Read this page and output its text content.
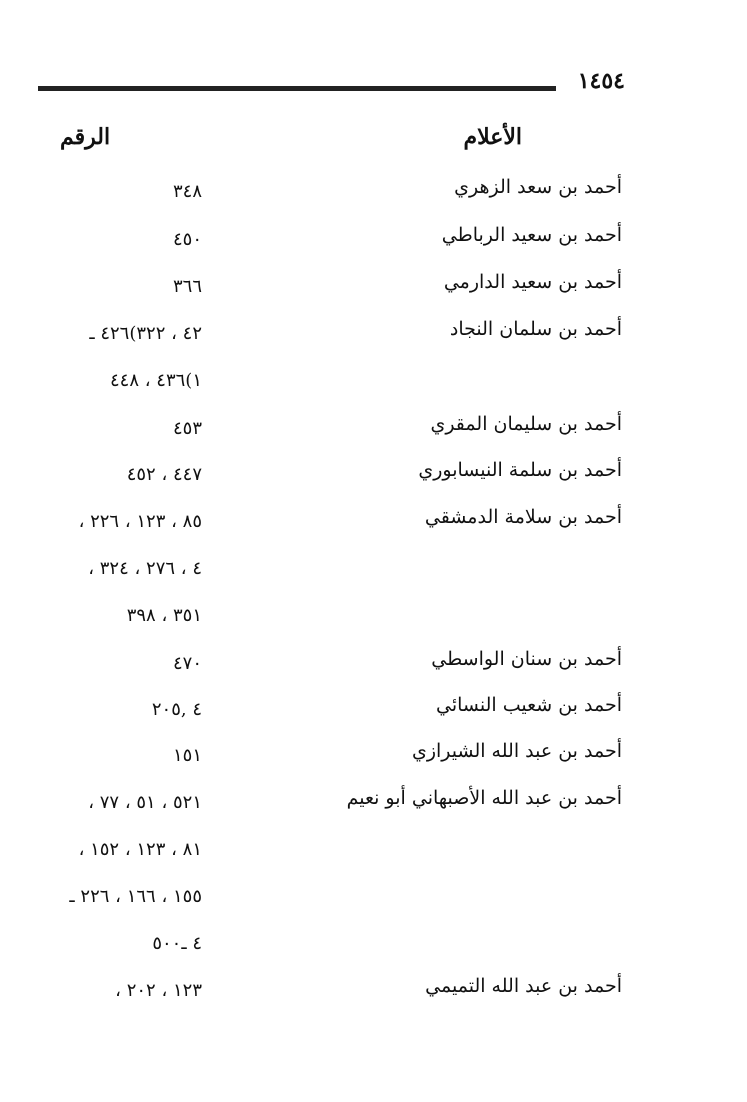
١٤٥٤
الأعلام
الرقم
أحمد بن سعد الزهري
أحمد بن سعيد الرباطي
أحمد بن سعيد الدارمي
أحمد بن سلمان النجاد
أحمد بن سليمان المقري
أحمد بن سلمة النيسابوري
أحمد بن سلامة الدمشقي
أحمد بن سنان الواسطي
أحمد بن شعيب النسائي
أحمد بن عبد الله الشيرازي
أحمد بن عبد الله الأصبهاني أبو نعيم
أحمد بن عبد الله التميمي
٣٤٨
٤٥٠
٣٦٦
٤٢ ، ٣٢٢)٤٢٦ ـ
١)٤٣٦ ، ٤٤٨
٤٥٣
٤٤٧ ، ٤٥٢
٨٥ ، ١٢٣ ، ٢٢٦ ،
٤ ، ٢٧٦ ، ٣٢٤ ،
٣٥١ ، ٣٩٨
٤٧٠
٤ ,٢٠٥
١٥١
٥٢١ ، ٥١ ، ٧٧ ،
٨١ ، ١٢٣ ، ١٥٢ ،
١٥٥ ، ١٦٦ ، ٢٢٦ ـ
٤ ـ٥٠٠
١٢٣ ، ٢٠٢ ،
